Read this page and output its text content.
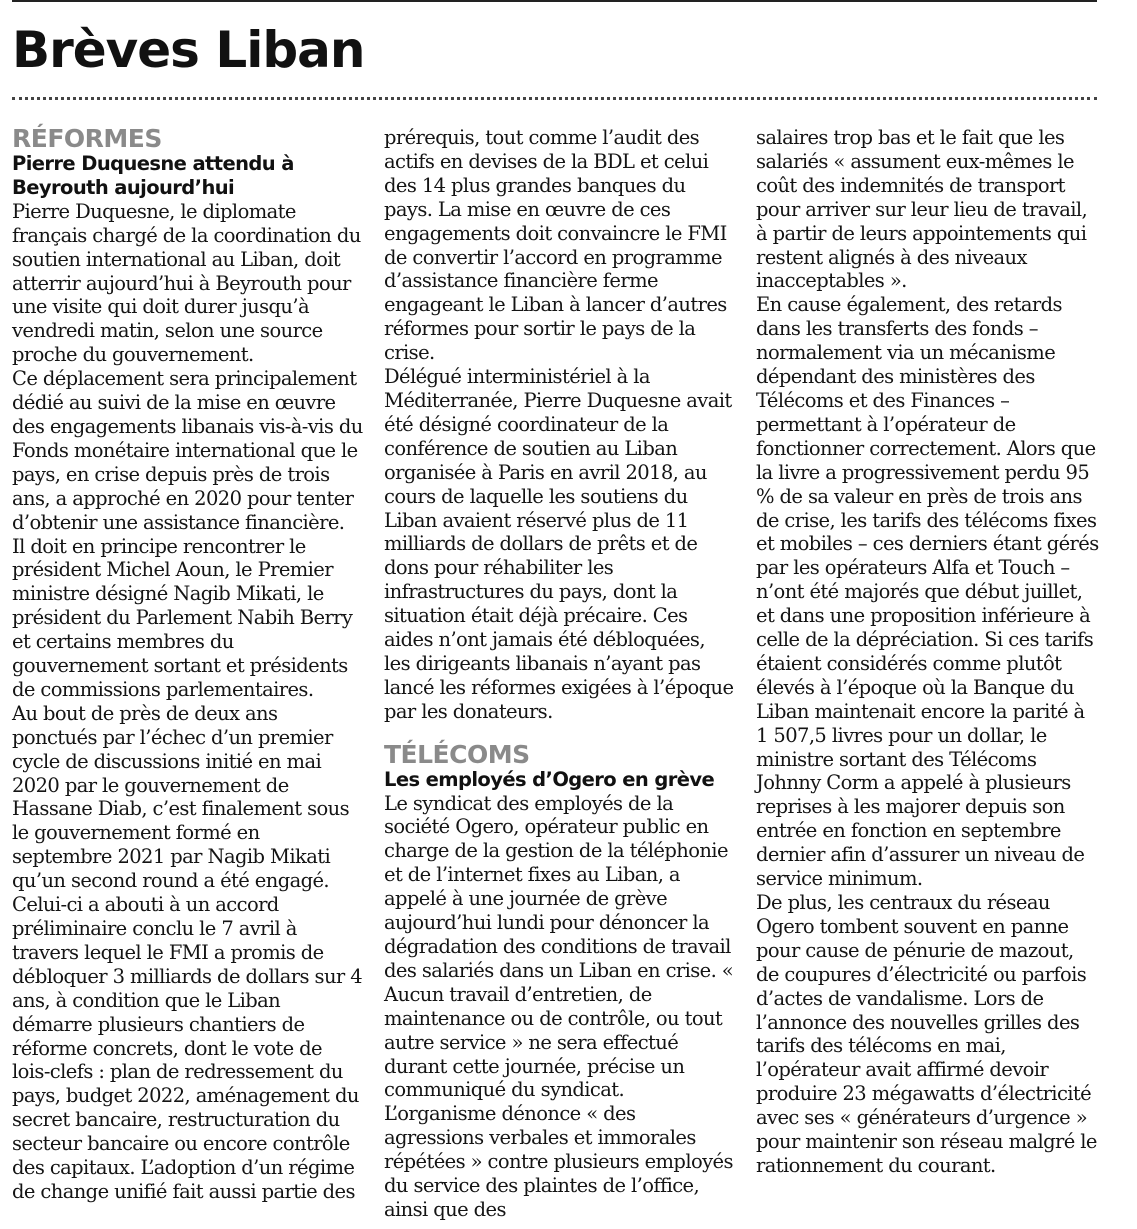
Brèves Liban
RÉFORMES
Pierre Duquesne attendu à Beyrouth aujourd’hui

Pierre Duquesne, le diplomate français chargé de la coordination du soutien international au Liban, doit atterrir aujourd’hui à Beyrouth pour une visite qui doit durer jusqu’à vendredi matin, selon une source proche du gouvernement.

Ce déplacement sera principalement dédié au suivi de la mise en œuvre des engagements libanais vis-à-vis du Fonds monétaire international que le pays, en crise depuis près de trois ans, a approché en 2020 pour tenter d’obtenir une assistance financière.

Il doit en principe rencontrer le président Michel Aoun, le Premier ministre désigné Nagib Mikati, le président du Parlement Nabih Berry et certains membres du gouvernement sortant et présidents de commissions parlementaires.

Au bout de près de deux ans ponctués par l’échec d’un premier cycle de discussions initié en mai 2020 par le gouvernement de Hassane Diab, c’est finalement sous le gouvernement formé en septembre 2021 par Nagib Mikati qu’un second round a été engagé. Celui-ci a abouti à un accord préliminaire conclu le 7 avril à travers lequel le FMI a promis de débloquer 3 milliards de dollars sur 4 ans, à condition que le Liban démarre plusieurs chantiers de réforme concrets, dont le vote de lois-clefs : plan de redressement du pays, budget 2022, aménagement du secret bancaire, restructuration du secteur bancaire ou encore contrôle des capitaux. L’adoption d’un régime de change unifié fait aussi partie des

prérequis, tout comme l’audit des actifs en devises de la BDL et celui des 14 plus grandes banques du pays. La mise en œuvre de ces engagements doit convaincre le FMI de convertir l’accord en programme d’assistance financière ferme engageant le Liban à lancer d’autres réformes pour sortir le pays de la crise.

Délégué interministériel à la Méditerranée, Pierre Duquesne avait été désigné coordinateur de la conférence de soutien au Liban organisée à Paris en avril 2018, au cours de laquelle les soutiens du Liban avaient réservé plus de 11 milliards de dollars de prêts et de dons pour réhabiliter les infrastructures du pays, dont la situation était déjà précaire. Ces aides n’ont jamais été débloquées, les dirigeants libanais n’ayant pas lancé les réformes exigées à l’époque par les donateurs.

TÉLÉCOMS
Les employés d’Ogero en grève

Le syndicat des employés de la société Ogero, opérateur public en charge de la gestion de la téléphonie et de l’internet fixes au Liban, a appelé à une journée de grève aujourd’hui lundi pour dénoncer la dégradation des conditions de travail des salariés dans un Liban en crise. « Aucun travail d’entretien, de maintenance ou de contrôle, ou tout autre service » ne sera effectué durant cette journée, précise un communiqué du syndicat.

L’organisme dénonce « des agressions verbales et immorales répétées » contre plusieurs employés du service des plaintes de l’office, ainsi que des

salaires trop bas et le fait que les salariés « assument eux-mêmes le coût des indemnités de transport pour arriver sur leur lieu de travail, à partir de leurs appointements qui restent alignés à des niveaux inacceptables ».

En cause également, des retards dans les transferts des fonds – normalement via un mécanisme dépendant des ministères des Télécoms et des Finances – permettant à l’opérateur de fonctionner correctement. Alors que la livre a progressivement perdu 95 % de sa valeur en près de trois ans de crise, les tarifs des télécoms fixes et mobiles – ces derniers étant gérés par les opérateurs Alfa et Touch – n’ont été majorés que début juillet, et dans une proposition inférieure à celle de la dépréciation. Si ces tarifs étaient considérés comme plutôt élevés à l’époque où la Banque du Liban maintenait encore la parité à 1 507,5 livres pour un dollar, le ministre sortant des Télécoms Johnny Corm a appelé à plusieurs reprises à les majorer depuis son entrée en fonction en septembre dernier afin d’assurer un niveau de service minimum.

De plus, les centraux du réseau Ogero tombent souvent en panne pour cause de pénurie de mazout, de coupures d’électricité ou parfois d’actes de vandalisme. Lors de l’annonce des nouvelles grilles des tarifs des télécoms en mai, l’opérateur avait affirmé devoir produire 23 mégawatts d’électricité avec ses « générateurs d’urgence » pour maintenir son réseau malgré le rationnement du courant.
